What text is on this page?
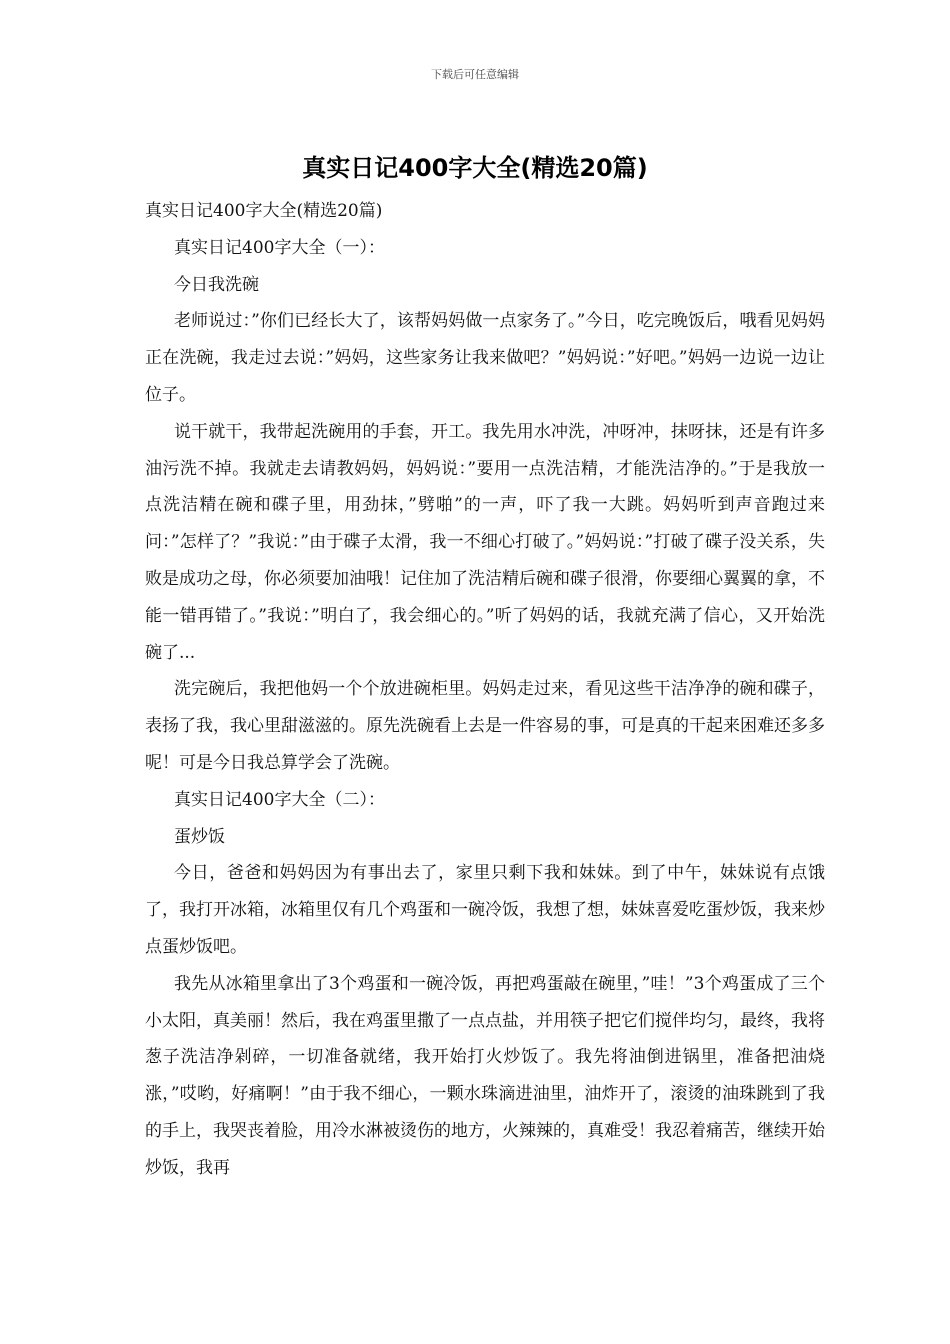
下载后可任意编辑
真实日记400字大全(精选20篇)

真实日记400字大全(精选20篇)

真实日记400字大全（一）：

今日我洗碗

老师说过：”你们已经长大了，该帮妈妈做一点家务了。”今日，吃完晚饭后，哦看见妈妈正在洗碗，我走过去说：”妈妈，这些家务让我来做吧？”妈妈说：”好吧。”妈妈一边说一边让位子。

说干就干，我带起洗碗用的手套，开工。我先用水冲洗，冲呀冲，抹呀抹，还是有许多油污洗不掉。我就走去请教妈妈，妈妈说：”要用一点洗洁精，才能洗洁净的。”于是我放一点洗洁精在碗和碟子里，用劲抹，”劈啪”的一声，吓了我一大跳。妈妈听到声音跑过来问：”怎样了？”我说：”由于碟子太滑，我一不细心打破了。”妈妈说：”打破了碟子没关系，失败是成功之母，你必须要加油哦！记住加了洗洁精后碗和碟子很滑，你要细心翼翼的拿，不能一错再错了。”我说：”明白了，我会细心的。”听了妈妈的话，我就充满了信心，又开始洗碗了...

洗完碗后，我把他妈一个个放进碗柜里。妈妈走过来，看见这些干洁净净的碗和碟子，表扬了我，我心里甜滋滋的。原先洗碗看上去是一件容易的事，可是真的干起来困难还多多呢！可是今日我总算学会了洗碗。

真实日记400字大全（二）：

蛋炒饭

今日，爸爸和妈妈因为有事出去了，家里只剩下我和妹妹。到了中午，妹妹说有点饿了，我打开冰箱，冰箱里仅有几个鸡蛋和一碗冷饭，我想了想，妹妹喜爱吃蛋炒饭，我来炒点蛋炒饭吧。

我先从冰箱里拿出了3个鸡蛋和一碗冷饭，再把鸡蛋敲在碗里，”哇！”3个鸡蛋成了三个小太阳，真美丽！然后，我在鸡蛋里撒了一点点盐，并用筷子把它们搅伴均匀，最终，我将葱子洗洁净剁碎，一切准备就绪，我开始打火炒饭了。我先将油倒进锅里，准备把油烧涨，”哎哟，好痛啊！”由于我不细心，一颗水珠滴进油里，油炸开了，滚烫的油珠跳到了我的手上，我哭丧着脸，用冷水淋被烫伤的地方，火辣辣的，真难受！我忍着痛苦，继续开始炒饭，我再
